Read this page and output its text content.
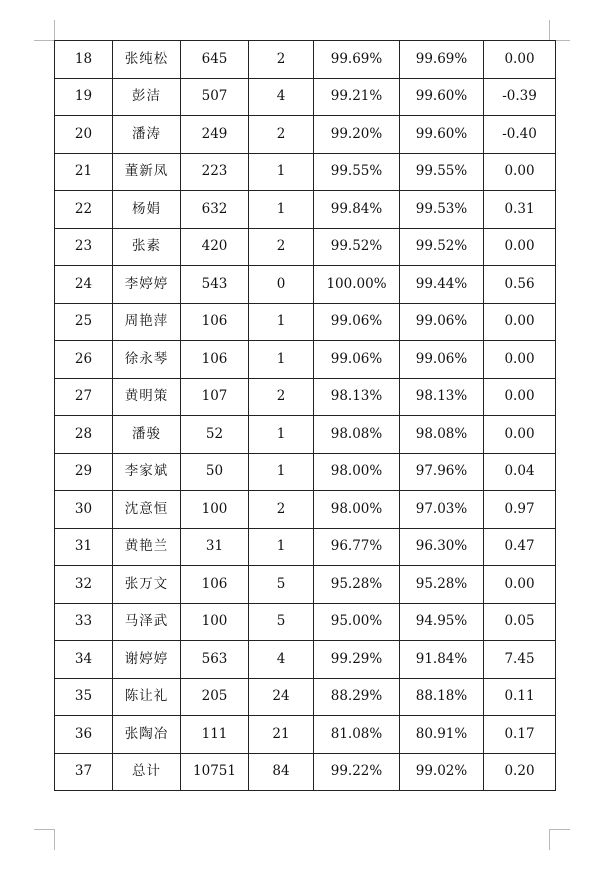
18	张纯松	645	2	99.69%	99.69%	0.00
19	彭洁	507	4	99.21%	99.60%	-0.39
20	潘涛	249	2	99.20%	99.60%	-0.40
21	董新凤	223	1	99.55%	99.55%	0.00
22	杨娟	632	1	99.84%	99.53%	0.31
23	张素	420	2	99.52%	99.52%	0.00
24	李婷婷	543	0	100.00%	99.44%	0.56
25	周艳萍	106	1	99.06%	99.06%	0.00
26	徐永琴	106	1	99.06%	99.06%	0.00
27	黄明策	107	2	98.13%	98.13%	0.00
28	潘骏	52	1	98.08%	98.08%	0.00
29	李家斌	50	1	98.00%	97.96%	0.04
30	沈意恒	100	2	98.00%	97.03%	0.97
31	黄艳兰	31	1	96.77%	96.30%	0.47
32	张万文	106	5	95.28%	95.28%	0.00
33	马泽武	100	5	95.00%	94.95%	0.05
34	谢婷婷	563	4	99.29%	91.84%	7.45
35	陈让礼	205	24	88.29%	88.18%	0.11
36	张陶冶	111	21	81.08%	80.91%	0.17
37	总计	10751	84	99.22%	99.02%	0.20
